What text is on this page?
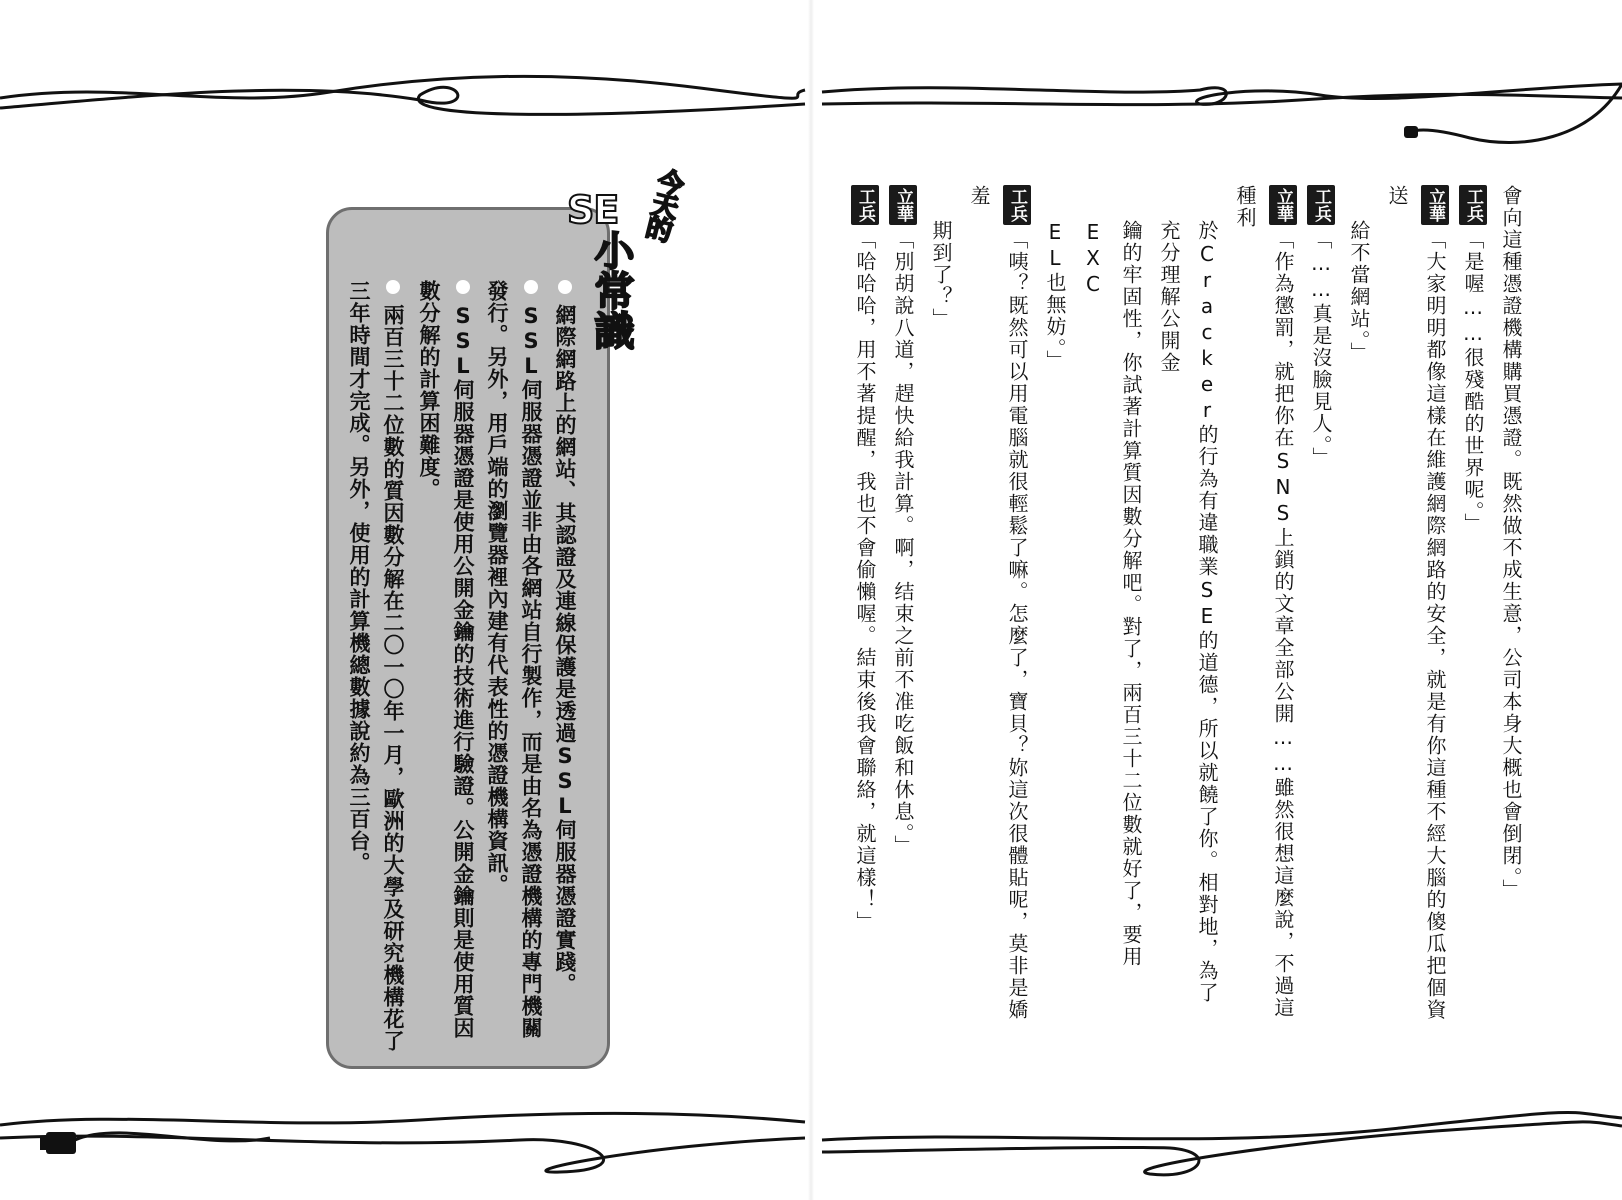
今天的
SE
小常識
網際網路上的網站、其認證及連線保護是透過SSL伺服器憑證實踐。
SSL伺服器憑證並非由各網站自行製作，而是由名為憑證機構的專門機關發行。另外，用戶端的瀏覽器裡內建有代表性的憑證機構資訊。
SSL伺服器憑證是使用公開金鑰的技術進行驗證。公開金鑰則是使用質因數分解的計算困難度。
兩百三十二位數的質因數分解在二〇一〇年一月，歐洲的大學及研究機構花了三年時間才完成。另外，使用的計算機總數據說約為三百台。	會向這種憑證機構購買憑證。既然做不成生意，公司本身大概也會倒閉。」
工兵「是喔……很殘酷的世界呢。」
立華「大家明明都像這樣在維護網際網路的安全，就是有你這種不經大腦的傻瓜把個資送
給不當網站。」
工兵「……真是沒臉見人。」
立華「作為懲罰，就把你在SNS上鎖的文章全部公開……雖然很想這麼說，不過這種利
於Cracker的行為有違職業SE的道德，所以就饒了你。相對地，為了充分理解公開金
鑰的牢固性，你試著計算質因數分解吧。對了，兩百三十二位數就好了，要用EXC
EL也無妨。」
工兵「咦？既然可以用電腦就很輕鬆了嘛。怎麼了，寶貝？妳這次很體貼呢，莫非是嬌羞
期到了？」
立華「別胡說八道，趕快給我計算。啊，结束之前不准吃飯和休息。」
工兵「哈哈哈，用不著提醒，我也不會偷懶喔。結束後我會聯絡，就這樣！」
